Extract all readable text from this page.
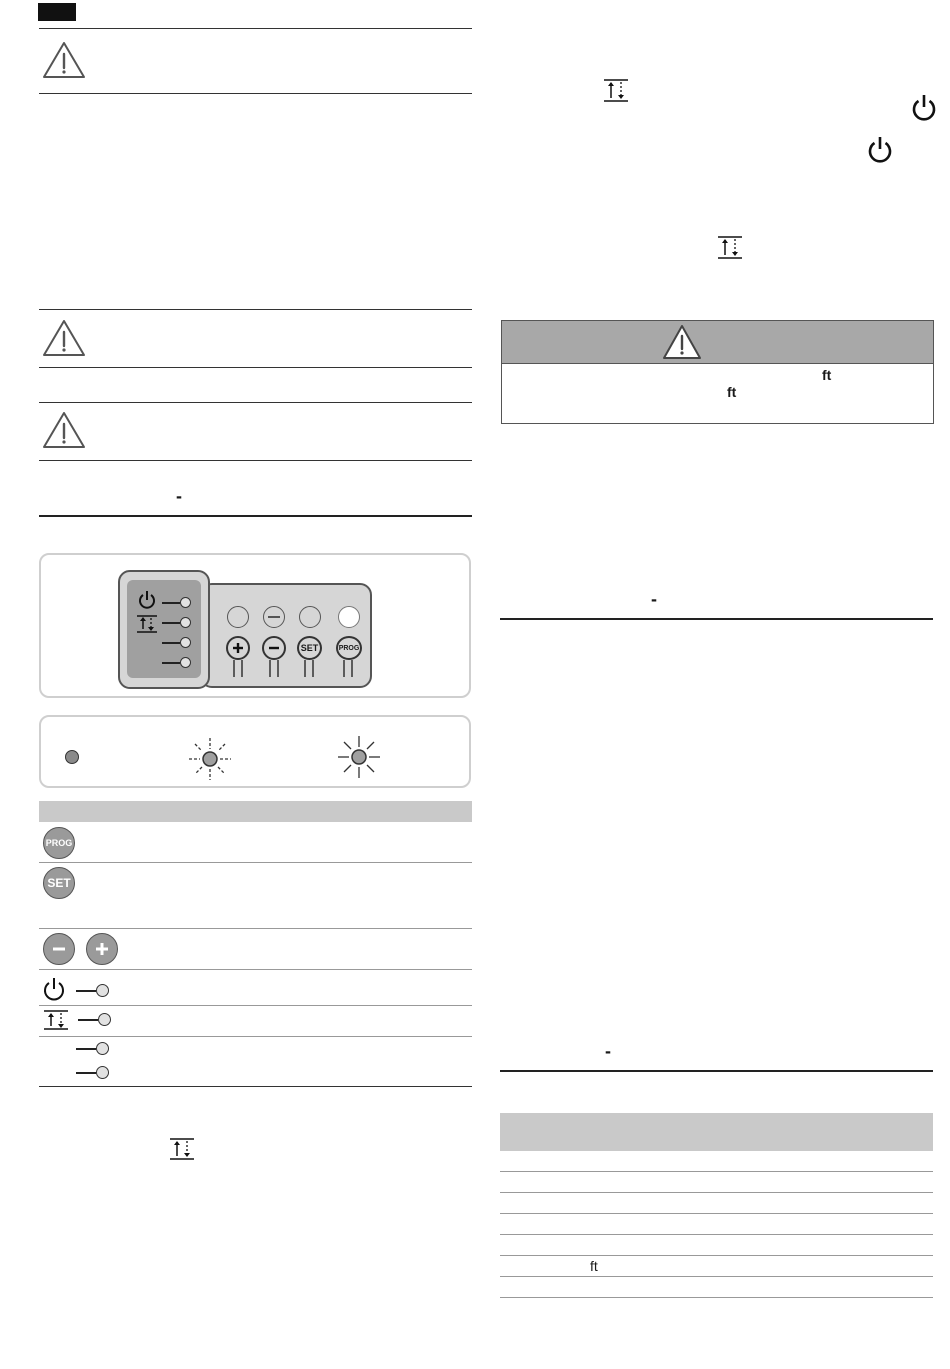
-
SET	PROG
PROG
SET
ft
ft
-
-
ft
